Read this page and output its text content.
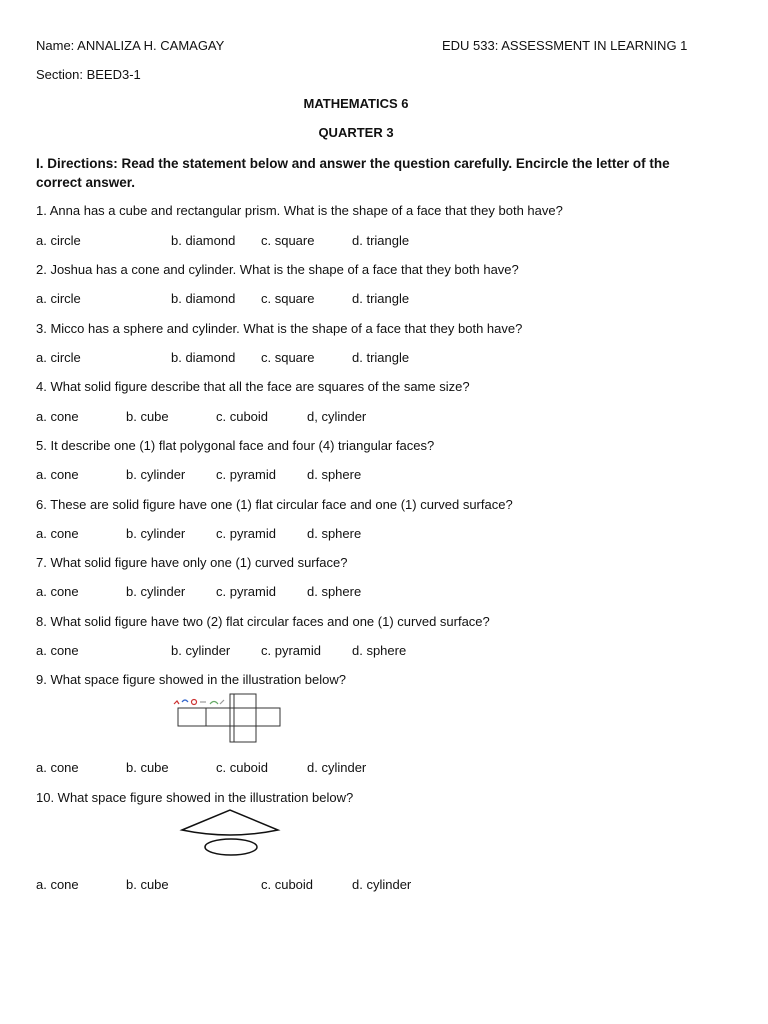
Name: ANNALIZA H. CAMAGAY	EDU 533: ASSESSMENT IN LEARNING 1
Section: BEED3-1
MATHEMATICS 6
QUARTER 3
I. Directions: Read the statement below and answer the question carefully. Encircle the letter of the correct answer.
1. Anna has a cube and rectangular prism. What is the shape of a face that they both have?
a. circle	b. diamond c. square	d. triangle
2. Joshua has a cone and cylinder. What is the shape of a face that they both have?
a. circle	b. diamond c. square	d. triangle
3. Micco has a sphere and cylinder. What is the shape of a face that they both have?
a. circle	b. diamond c. square	d. triangle
4. What solid figure describe that all the face are squares of the same size?
a. cone	b. cube	c. cuboid	d, cylinder
5. It describe one (1) flat polygonal face and four (4) triangular faces?
a. cone	b. cylinder c. pyramid d. sphere
6. These are solid figure have one (1) flat circular face and one (1) curved surface?
a. cone	b. cylinder c. pyramid d. sphere
7. What solid figure have only one (1) curved surface?
a. cone	b. cylinder c. pyramid d. sphere
8. What solid figure have two (2) flat circular faces and one (1) curved surface?
a. cone	b. cylinder c. pyramid d. sphere
9. What space figure showed in the illustration below?
a. cone	b. cube	c. cuboid	d. cylinder
10. What space figure showed in the illustration below?
a. cone	b. cube	c. cuboid	d. cylinder
